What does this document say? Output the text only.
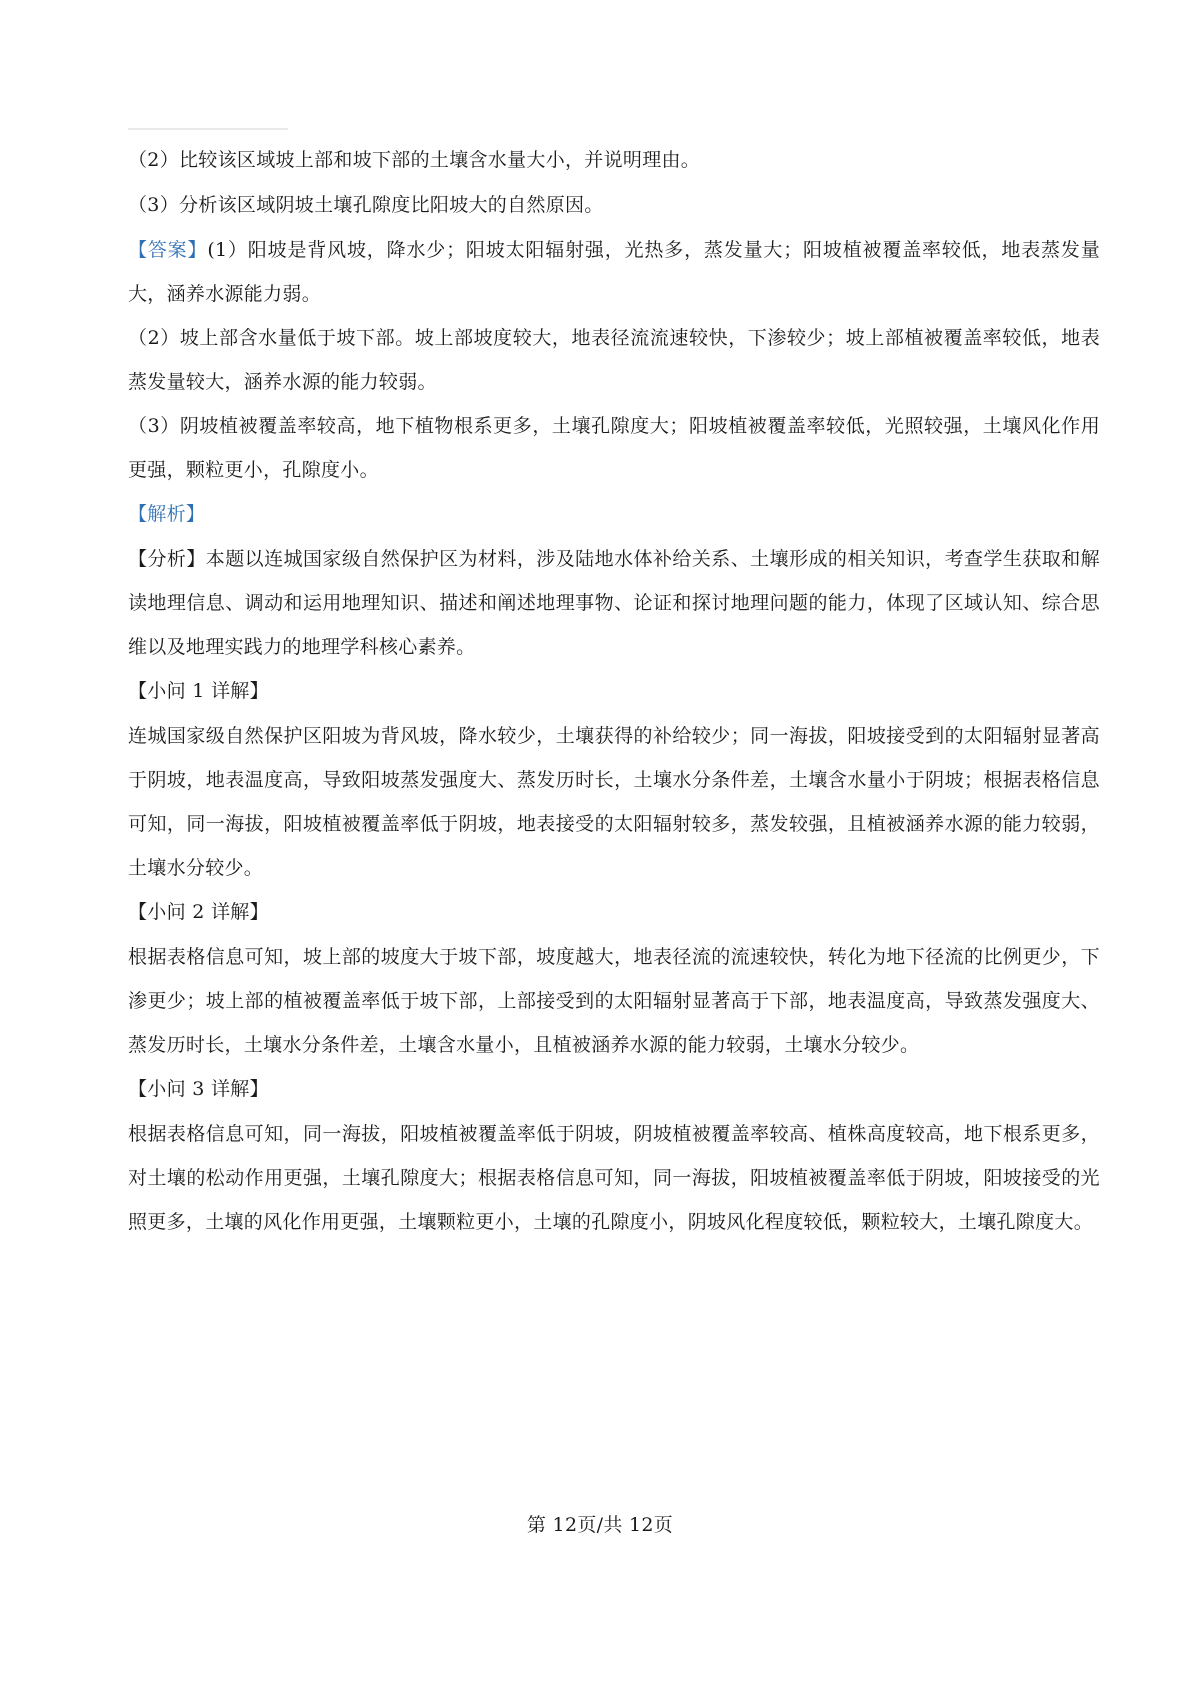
（2）比较该区域坡上部和坡下部的土壤含水量大小，并说明理由。
（3）分析该区域阴坡土壤孔隙度比阳坡大的自然原因。
【答案】(1）阳坡是背风坡，降水少；阳坡太阳辐射强，光热多，蒸发量大；阳坡植被覆盖率较低，地表蒸发量大，涵养水源能力弱。
（2）坡上部含水量低于坡下部。坡上部坡度较大，地表径流流速较快，下渗较少；坡上部植被覆盖率较低，地表蒸发量较大，涵养水源的能力较弱。
（3）阴坡植被覆盖率较高，地下植物根系更多，土壤孔隙度大；阳坡植被覆盖率较低，光照较强，土壤风化作用更强，颗粒更小，孔隙度小。
【解析】
【分析】本题以连城国家级自然保护区为材料，涉及陆地水体补给关系、土壤形成的相关知识，考查学生获取和解读地理信息、调动和运用地理知识、描述和阐述地理事物、论证和探讨地理问题的能力，体现了区域认知、综合思维以及地理实践力的地理学科核心素养。
【小问 1 详解】
连城国家级自然保护区阳坡为背风坡，降水较少，土壤获得的补给较少；同一海拔，阳坡接受到的太阳辐射显著高于阴坡，地表温度高，导致阳坡蒸发强度大、蒸发历时长，土壤水分条件差，土壤含水量小于阴坡；根据表格信息可知，同一海拔，阳坡植被覆盖率低于阴坡，地表接受的太阳辐射较多，蒸发较强，且植被涵养水源的能力较弱，土壤水分较少。
【小问 2 详解】
根据表格信息可知，坡上部的坡度大于坡下部，坡度越大，地表径流的流速较快，转化为地下径流的比例更少，下渗更少；坡上部的植被覆盖率低于坡下部，上部接受到的太阳辐射显著高于下部，地表温度高，导致蒸发强度大、蒸发历时长，土壤水分条件差，土壤含水量小，且植被涵养水源的能力较弱，土壤水分较少。
【小问 3 详解】
根据表格信息可知，同一海拔，阳坡植被覆盖率低于阴坡，阴坡植被覆盖率较高、植株高度较高，地下根系更多，对土壤的松动作用更强，土壤孔隙度大；根据表格信息可知，同一海拔，阳坡植被覆盖率低于阴坡，阳坡接受的光照更多，土壤的风化作用更强，土壤颗粒更小，土壤的孔隙度小，阴坡风化程度较低，颗粒较大，土壤孔隙度大。
第 12页/共 12页
